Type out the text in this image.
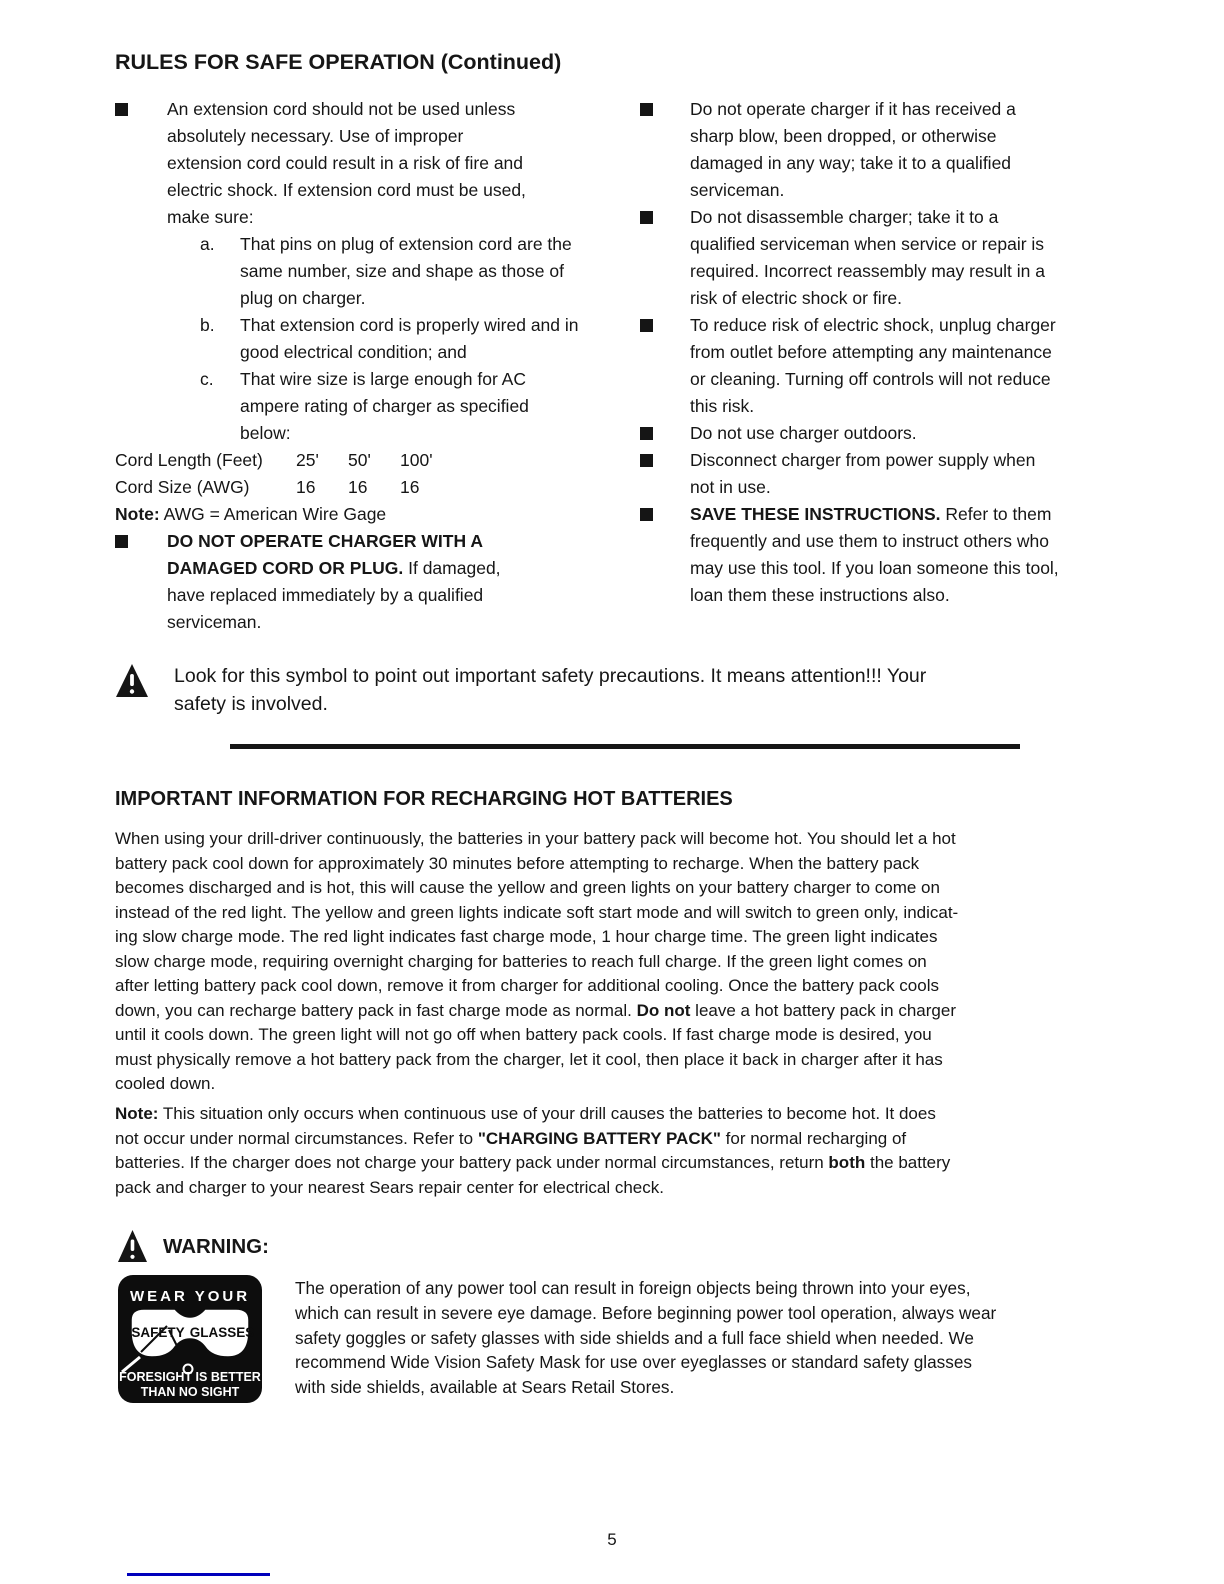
RULES FOR SAFE OPERATION (Continued)
An extension cord should not be used unless
absolutely necessary. Use of improper
extension cord could result in a risk of fire and
electric shock. If extension cord must be used,
make sure:
a.	That pins on plug of extension cord are the
same number, size and shape as those of
plug on charger.
b.	That extension cord is properly wired and in
good electrical condition; and
c.	That wire size is large enough for AC
ampere rating of charger as specified
below:
Cord Length (Feet) 25' 50' 100'
Cord Size (AWG)	16 16 16
Note: AWG = American Wire Gage
DO NOT OPERATE CHARGER WITH A
DAMAGED CORD OR PLUG. If damaged,
have replaced immediately by a qualified
serviceman.
Do not operate charger if it has received a
sharp blow, been dropped, or otherwise
damaged in any way; take it to a qualified
serviceman.
Do not disassemble charger; take it to a
qualified serviceman when service or repair is
required. Incorrect reassembly may result in a
risk of electric shock or fire.
To reduce risk of electric shock, unplug charger
from outlet before attempting any maintenance
or cleaning. Turning off controls will not reduce
this risk.
Do not use charger outdoors.
Disconnect charger from power supply when
not in use.
SAVE THESE INSTRUCTIONS. Refer to them
frequently and use them to instruct others who
may use this tool. If you loan someone this tool,
loan them these instructions also.
Look for this symbol to point out important safety precautions. It means attention!!! Your
safety is involved.
IMPORTANT INFORMATION FOR RECHARGING HOT BATTERIES
When using your drill-driver continuously, the batteries in your battery pack will become hot. You should let a hot
battery pack cool down for approximately 30 minutes before attempting to recharge. When the battery pack
becomes discharged and is hot, this will cause the yellow and green lights on your battery charger to come on
instead of the red light. The yellow and green lights indicate soft start mode and will switch to green only, indicat-
ing slow charge mode. The red light indicates fast charge mode, 1 hour charge time. The green light indicates
slow charge mode, requiring overnight charging for batteries to reach full charge. If the green light comes on
after letting battery pack cool down, remove it from charger for additional cooling. Once the battery pack cools
down, you can recharge battery pack in fast charge mode as normal. Do not leave a hot battery pack in charger
until it cools down. The green light will not go off when battery pack cools. If fast charge mode is desired, you
must physically remove a hot battery pack from the charger, let it cool, then place it back in charger after it has
cooled down.
Note: This situation only occurs when continuous use of your drill causes the batteries to become hot. It does
not occur under normal circumstances. Refer to "CHARGING BATTERY PACK" for normal recharging of
batteries. If the charger does not charge your battery pack under normal circumstances, return both the battery
pack and charger to your nearest Sears repair center for electrical check.
WARNING:
WEAR YOUR
SAFETY GLASSES
FORESIGHT IS BETTER
THAN NO SIGHT
The operation of any power tool can result in foreign objects being thrown into your eyes,
which can result in severe eye damage. Before beginning power tool operation, always wear
safety goggles or safety glasses with side shields and a full face shield when needed. We
recommend Wide Vision Safety Mask for use over eyeglasses or standard safety glasses
with side shields, available at Sears Retail Stores.
5
